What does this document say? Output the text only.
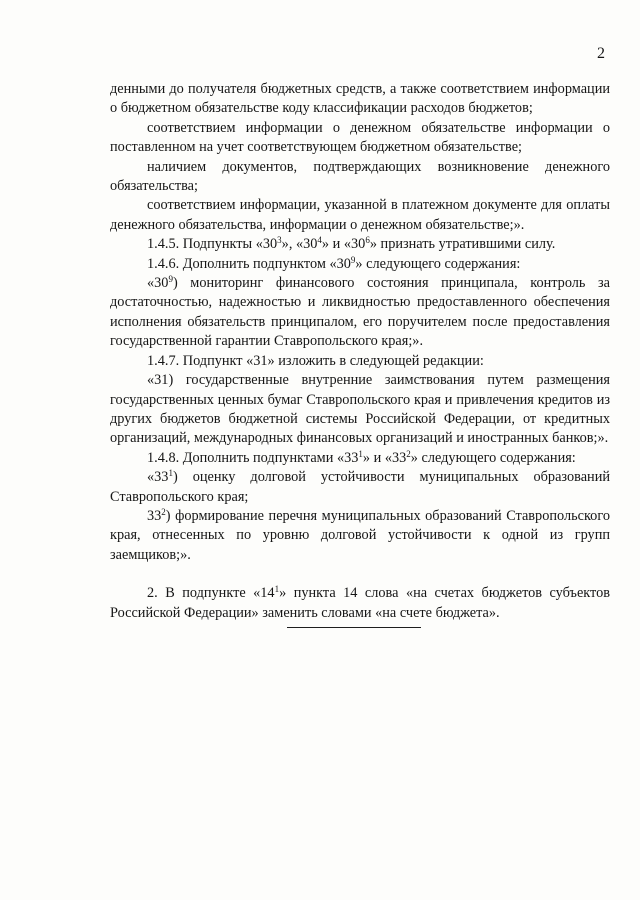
2

денными до получателя бюджетных средств, а также соответствием информации о бюджетном обязательстве коду классификации расходов бюджетов;

соответствием информации о денежном обязательстве информации о поставленном на учет соответствующем бюджетном обязательстве;

наличием документов, подтверждающих возникновение денежного обязательства;

соответствием информации, указанной в платежном документе для оплаты денежного обязательства, информации о денежном обязательстве;».

1.4.5. Подпункты «$30^3$», «$30^4$» и «$30^6$» признать утратившими силу.

1.4.6. Дополнить подпунктом «$30^9$» следующего содержания:

«$30^9$) мониторинг финансового состояния принципала, контроль за достаточностью, надежностью и ликвидностью предоставленного обеспечения исполнения обязательств принципалом, его поручителем после предоставления государственной гарантии Ставропольского края;».

1.4.7. Подпункт «31» изложить в следующей редакции:

«31) государственные внутренние заимствования путем размещения государственных ценных бумаг Ставропольского края и привлечения кредитов из других бюджетов бюджетной системы Российской Федерации, от кредитных организаций, международных финансовых организаций и иностранных банков;».

1.4.8. Дополнить подпунктами «$33^1$» и «$33^2$» следующего содержания:

«$33^1$) оценку долговой устойчивости муниципальных образований Ставропольского края;

$33^2$) формирование перечня муниципальных образований Ставропольского края, отнесенных по уровню долговой устойчивости к одной из групп заемщиков;».

2. В подпункте «$14^1$» пункта 14 слова «на счетах бюджетов субъектов Российской Федерации» заменить словами «на счете бюджета».
